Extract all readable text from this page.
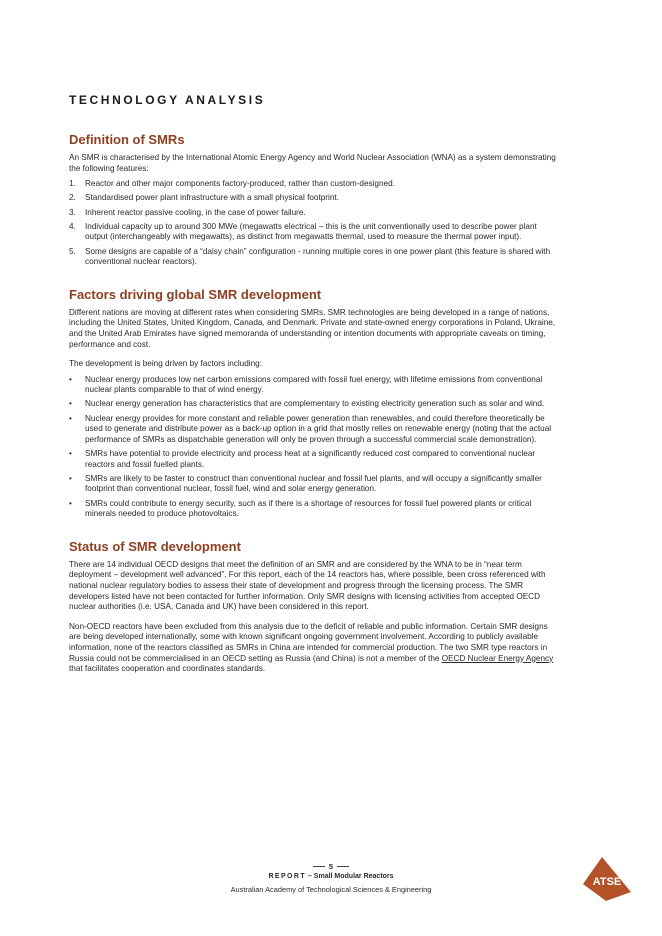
TECHNOLOGY ANALYSIS
Definition of SMRs

An SMR is characterised by the International Atomic Energy Agency and World Nuclear Association (WNA) as a system demonstrating the following features:

1. Reactor and other major components factory-produced, rather than custom-designed.
2. Standardised power plant infrastructure with a small physical footprint.
3. Inherent reactor passive cooling, in the case of power failure.
4. Individual capacity up to around 300 MWe (megawatts electrical – this is the unit conventionally used to describe power plant output (interchangeably with megawatts), as distinct from megawatts thermal, used to measure the thermal power input).
5. Some designs are capable of a “daisy chain” configuration - running multiple cores in one power plant (this feature is shared with conventional nuclear reactors).
Factors driving global SMR development

Different nations are moving at different rates when considering SMRs. SMR technologies are being developed in a range of nations, including the United States, United Kingdom, Canada, and Denmark. Private and state-owned energy corporations in Poland, Ukraine, and the United Arab Emirates have signed memoranda of understanding or intention documents with appropriate caveats on timing, performance and cost.

The development is being driven by factors including:

• Nuclear energy produces low net carbon emissions compared with fossil fuel energy, with lifetime emissions from conventional nuclear plants comparable to that of wind energy.
• Nuclear energy generation has characteristics that are complementary to existing electricity generation such as solar and wind.
• Nuclear energy provides for more constant and reliable power generation than renewables, and could therefore theoretically be used to generate and distribute power as a back-up option in a grid that mostly relies on renewable energy (noting that the actual performance of SMRs as dispatchable generation will only be proven through a successful commercial scale demonstration).
• SMRs have potential to provide electricity and process heat at a significantly reduced cost compared to conventional nuclear reactors and fossil fuelled plants.
• SMRs are likely to be faster to construct than conventional nuclear and fossil fuel plants, and will occupy a significantly smaller footprint than conventional nuclear, fossil fuel, wind and solar energy generation.
• SMRs could contribute to energy security, such as if there is a shortage of resources for fossil fuel powered plants or critical minerals needed to produce photovoltaics.
Status of SMR development

There are 14 individual OECD designs that meet the definition of an SMR and are considered by the WNA to be in “near term deployment – development well advanced”. For this report, each of the 14 reactors has, where possible, been cross referenced with national nuclear regulatory bodies to assess their state of development and progress through the licensing process. The SMR developers listed have not been contacted for further information. Only SMR designs with licensing activities from accepted OECD nuclear authorities (i.e. USA, Canada and UK) have been considered in this report.

Non-OECD reactors have been excluded from this analysis due to the deficit of reliable and public information. Certain SMR designs are being developed internationally, some with known significant ongoing government involvement. According to publicly available information, none of the reactors classified as SMRs in China are intended for commercial production. The two SMR type reactors in Russia could not be commercialised in an OECD setting as Russia (and China) is not a member of the OECD Nuclear Energy Agency that facilitates cooperation and coordinates standards.

5
REPORT – Small Modular Reactors
Australian Academy of Technological Sciences & Engineering
ATSE
